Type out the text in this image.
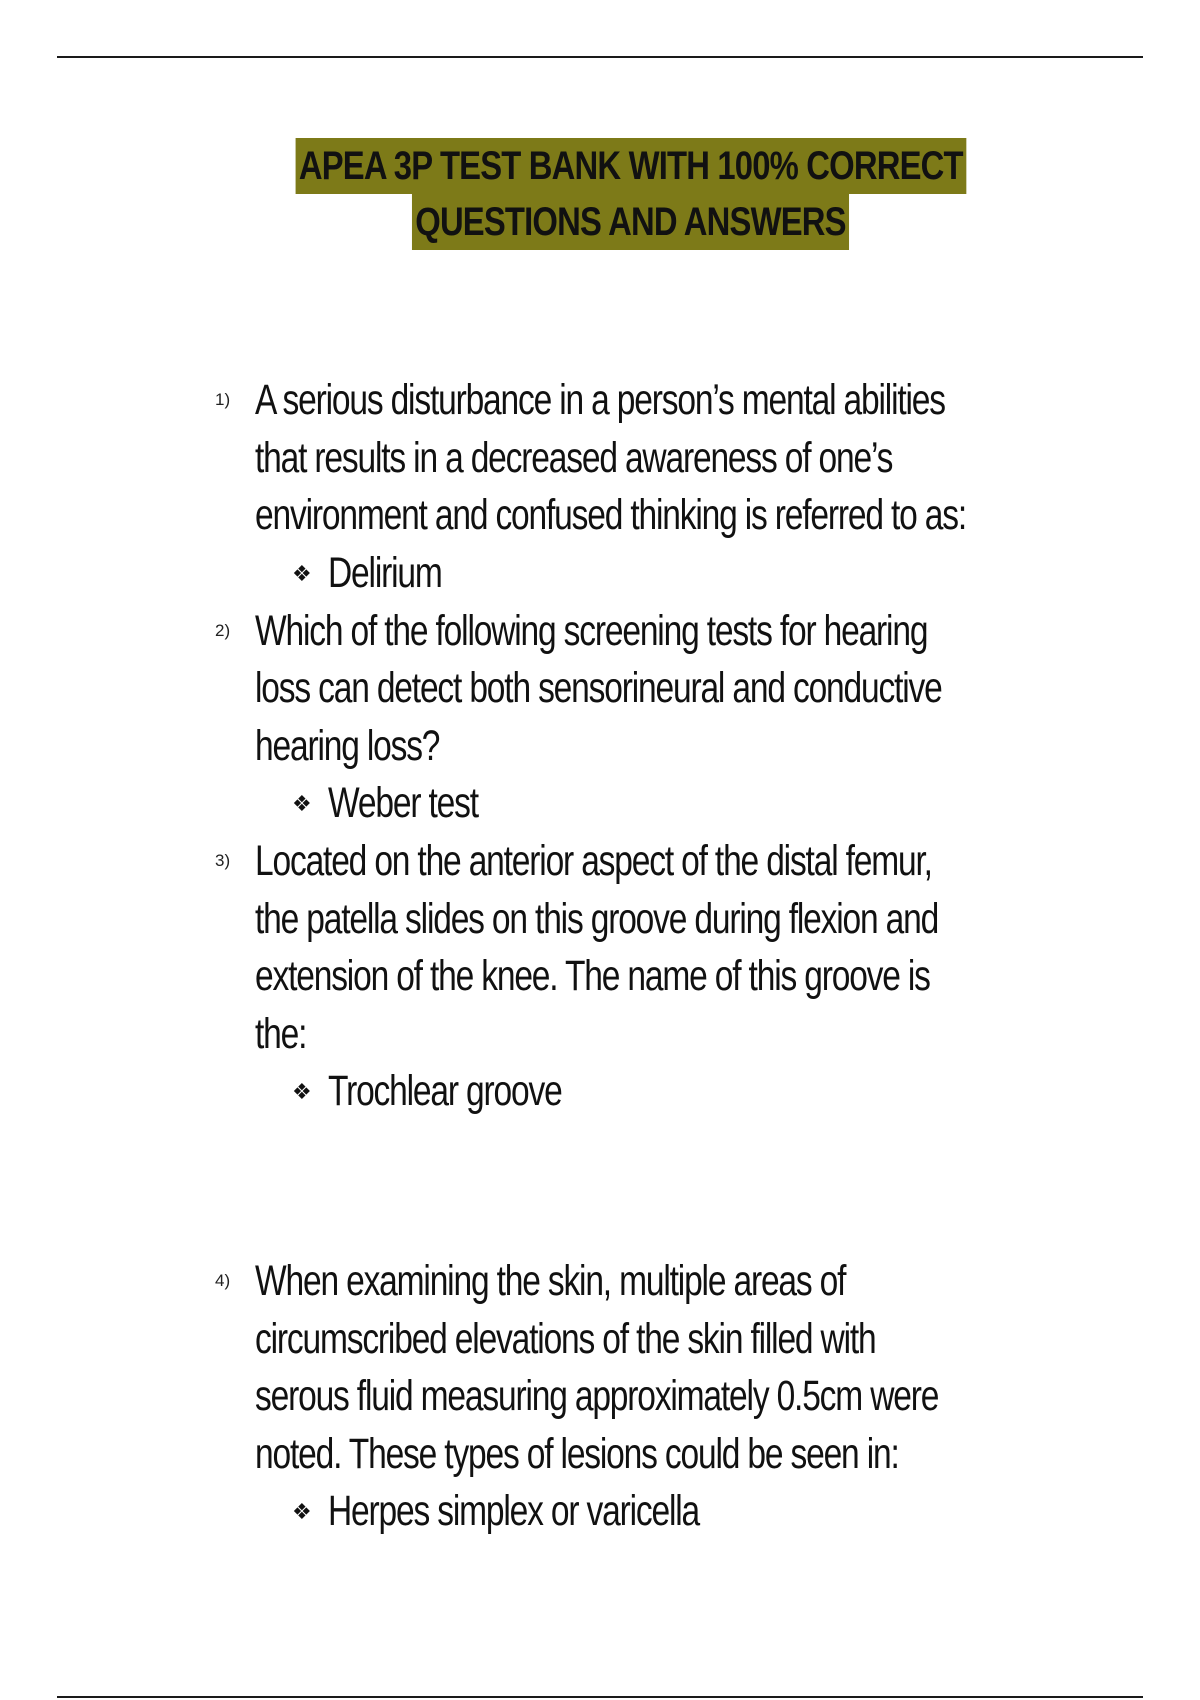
APEA 3P TEST BANK WITH 100% CORRECT
QUESTIONS AND ANSWERS
1) A serious disturbance in a person’s mental abilities that results in a decreased awareness of one’s environment and confused thinking is referred to as:
❖ Delirium
2) Which of the following screening tests for hearing loss can detect both sensorineural and conductive hearing loss?
❖ Weber test
3) Located on the anterior aspect of the distal femur, the patella slides on this groove during flexion and extension of the knee. The name of this groove is the:
❖ Trochlear groove
4) When examining the skin, multiple areas of circumscribed elevations of the skin filled with serous fluid measuring approximately 0.5cm were noted. These types of lesions could be seen in:
❖ Herpes simplex or varicella
